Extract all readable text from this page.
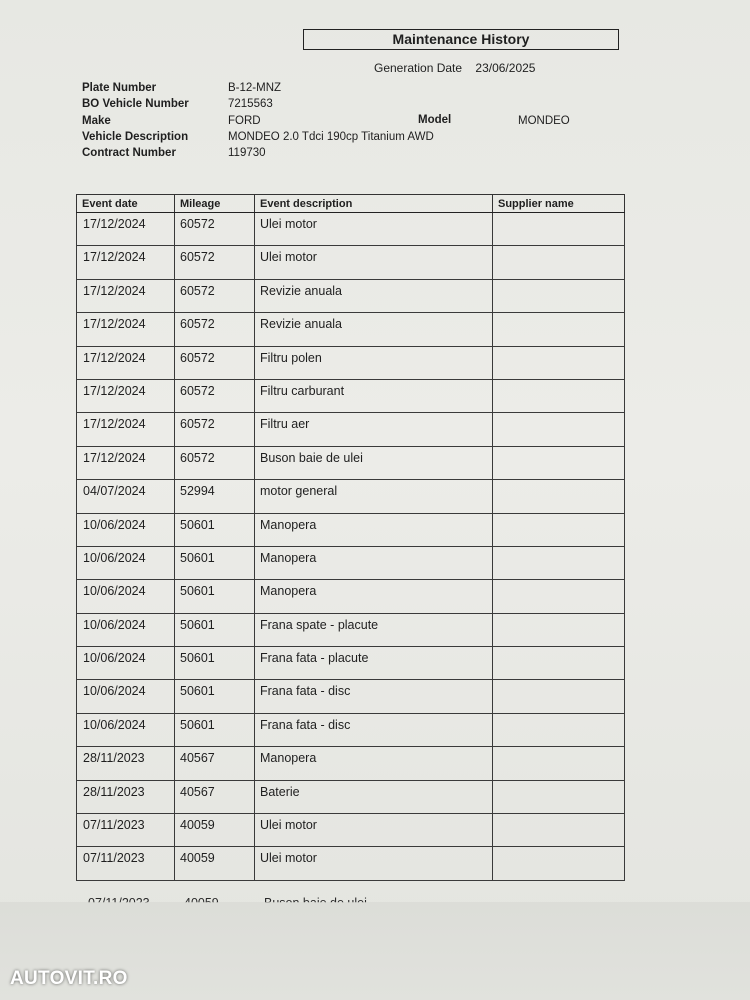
Maintenance History
Generation Date 23/06/2025
Plate Number	B-12-MNZ
BO Vehicle Number	7215563
Make	FORD	Model	MONDEO
Vehicle Description	MONDEO 2.0 Tdci 190cp Titanium AWD
Contract Number	119730
Event date	Mileage	Event description	Supplier name
17/12/2024	60572	Ulei motor	
17/12/2024	60572	Ulei motor	
17/12/2024	60572	Revizie anuala	
17/12/2024	60572	Revizie anuala	
17/12/2024	60572	Filtru polen	
17/12/2024	60572	Filtru carburant	
17/12/2024	60572	Filtru aer	
17/12/2024	60572	Buson baie de ulei	
04/07/2024	52994	motor general	
10/06/2024	50601	Manopera	
10/06/2024	50601	Manopera	
10/06/2024	50601	Manopera	
10/06/2024	50601	Frana spate - placute	
10/06/2024	50601	Frana fata - placute	
10/06/2024	50601	Frana fata - disc	
10/06/2024	50601	Frana fata - disc	
28/11/2023	40567	Manopera	
28/11/2023	40567	Baterie	
07/11/2023	40059	Ulei motor	
07/11/2023	40059	Ulei motor	
AUTOVIT.RO
